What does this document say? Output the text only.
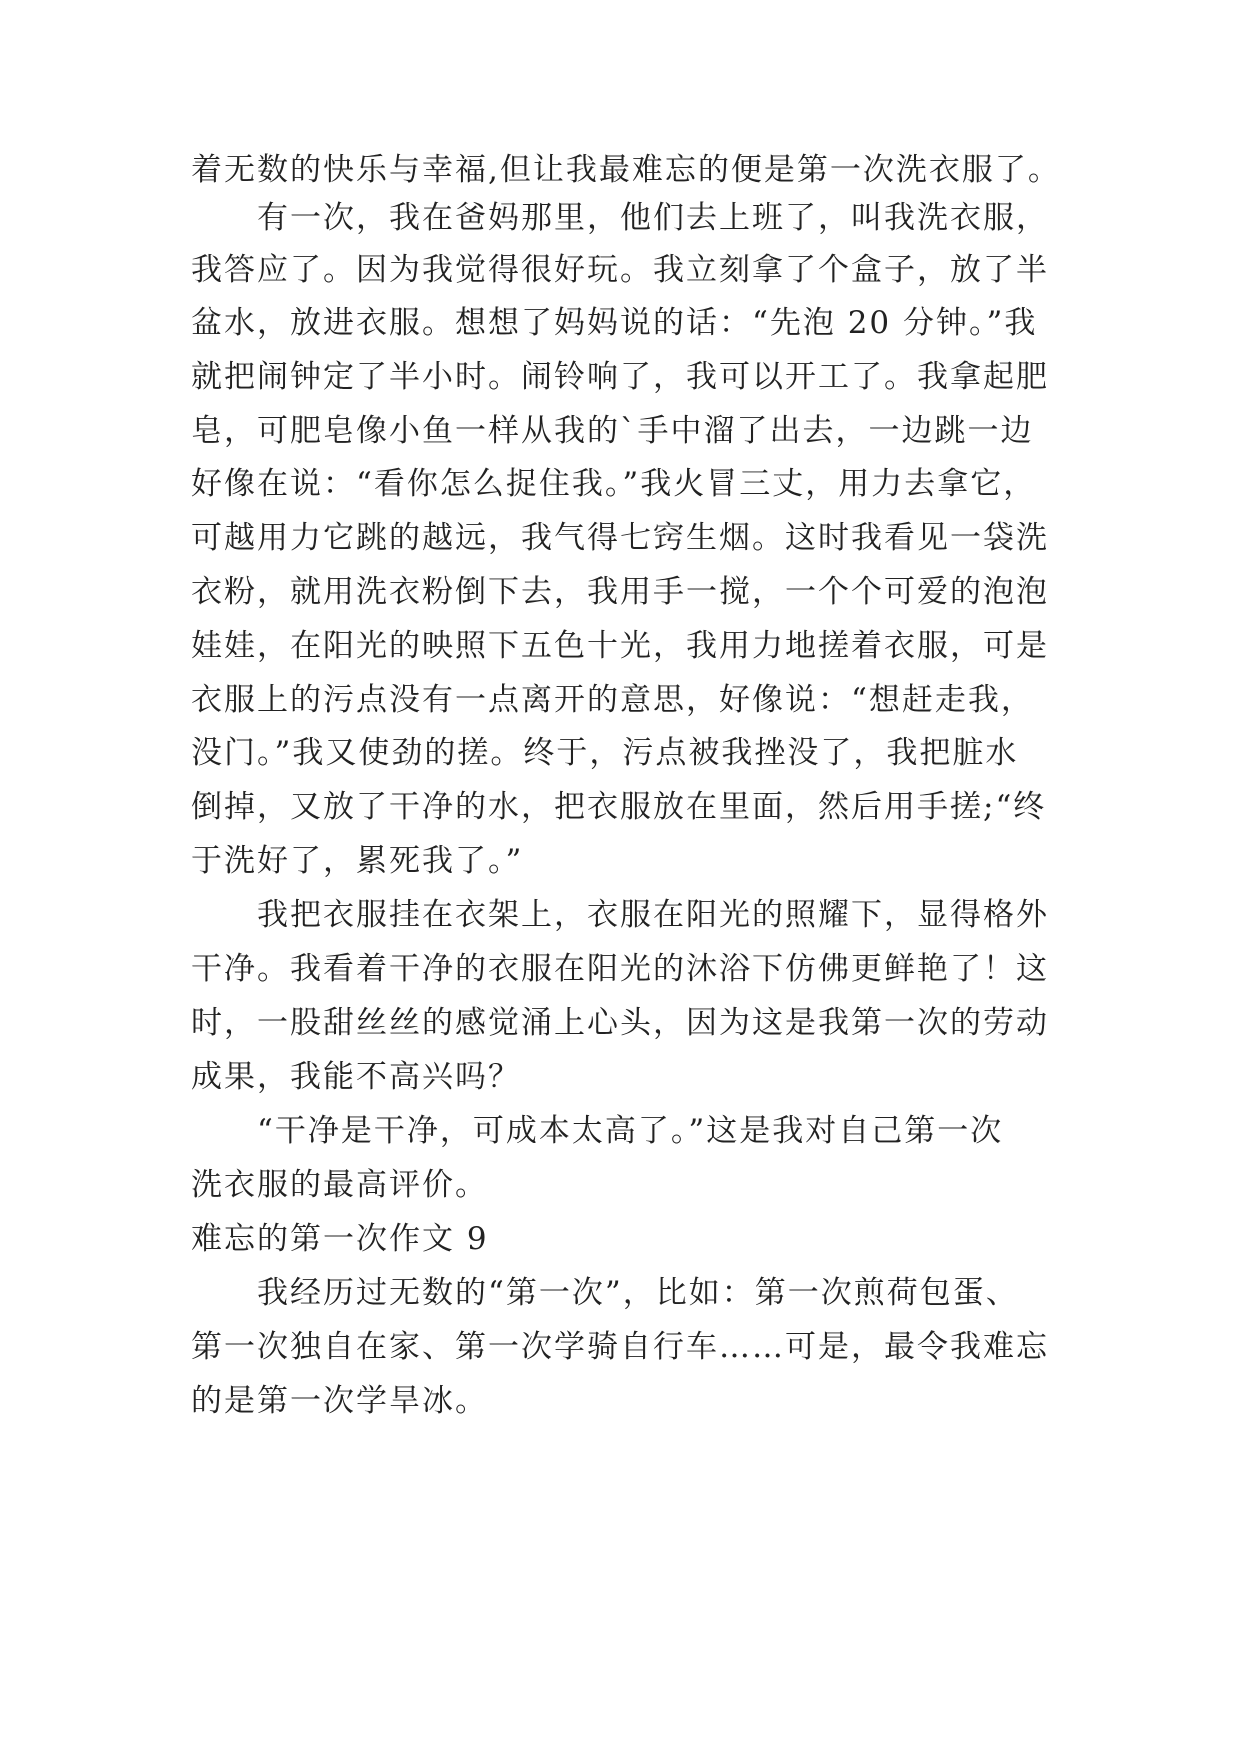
着无数的快乐与幸福,但让我最难忘的便是第一次洗衣服了。
有一次，我在爸妈那里，他们去上班了，叫我洗衣服，
我答应了。因为我觉得很好玩。我立刻拿了个盒子，放了半
盆水，放进衣服。想想了妈妈说的话：“先泡 20 分钟。”我
就把闹钟定了半小时。闹铃响了，我可以开工了。我拿起肥
皂，可肥皂像小鱼一样从我的`手中溜了出去，一边跳一边
好像在说：“看你怎么捉住我。”我火冒三丈，用力去拿它，
可越用力它跳的越远，我气得七窍生烟。这时我看见一袋洗
衣粉，就用洗衣粉倒下去，我用手一搅，一个个可爱的泡泡
娃娃，在阳光的映照下五色十光，我用力地搓着衣服，可是
衣服上的污点没有一点离开的意思，好像说：“想赶走我，
没门。”我又使劲的搓。终于，污点被我挫没了，我把脏水
倒掉，又放了干净的水，把衣服放在里面，然后用手搓;“终
于洗好了，累死我了。”
我把衣服挂在衣架上，衣服在阳光的照耀下，显得格外
干净。我看着干净的衣服在阳光的沐浴下仿佛更鲜艳了！这
时，一股甜丝丝的感觉涌上心头，因为这是我第一次的劳动
成果，我能不高兴吗？
“干净是干净，可成本太高了。”这是我对自己第一次
洗衣服的最高评价。
难忘的第一次作文 9
我经历过无数的“第一次”，比如：第一次煎荷包蛋、
第一次独自在家、第一次学骑自行车……可是，最令我难忘
的是第一次学旱冰。
